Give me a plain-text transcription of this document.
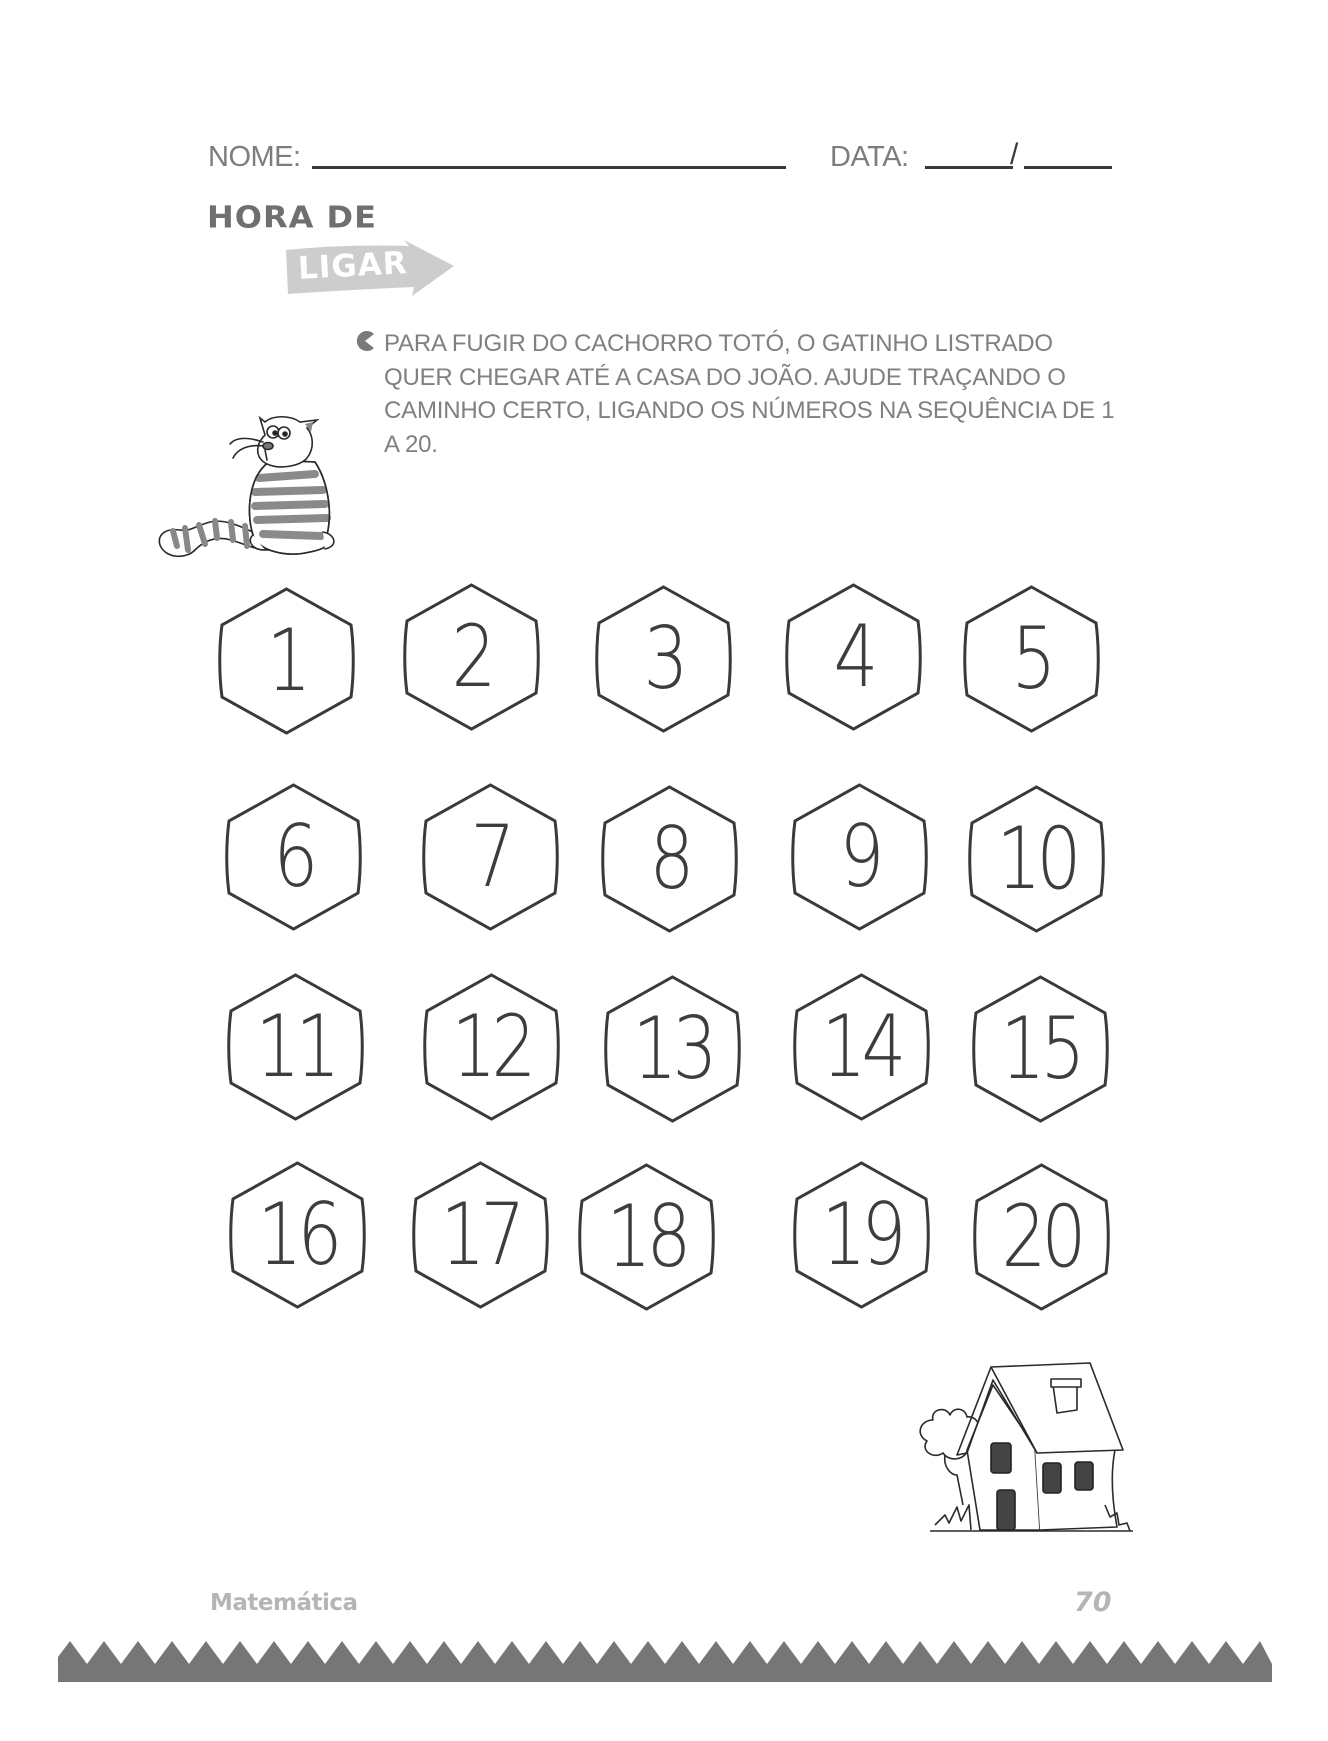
NOME:	DATA:	/
HORA DE
LIGAR
PARA FUGIR DO CACHORRO TOTÓ, O GATINHO LISTRADO QUER CHEGAR ATÉ A CASA DO JOÃO. AJUDE TRAÇANDO O CAMINHO CERTO, LIGANDO OS NÚMEROS NA SEQUÊNCIA DE 1 A 20.
1	2	3	4	5
6	7	8	9	10
11 12 13 14 15
16 17 18 19 20
Matemática	70
